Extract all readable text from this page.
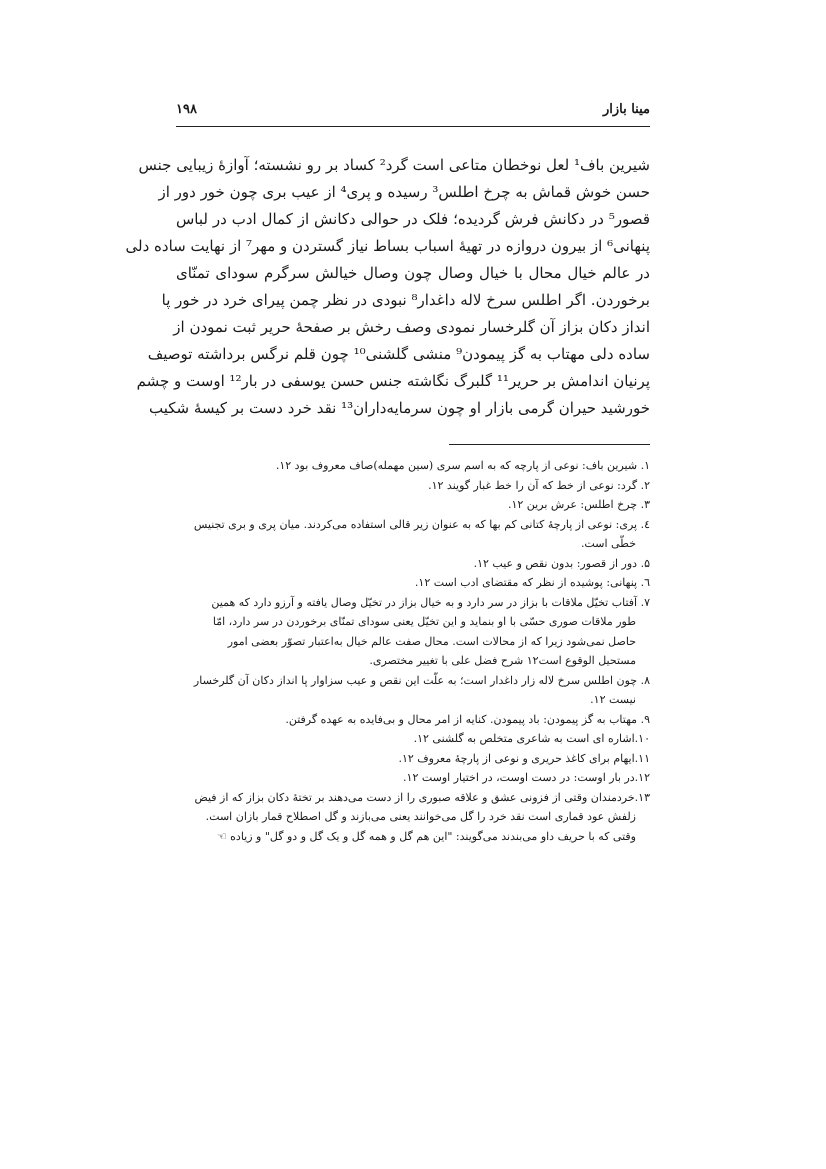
مینا بازار
۱۹۸
شیرین باف¹ لعل نوخطان متاعی است گرد² کساد بر رو نشسته؛ آوازهٔ زیبایی جنس
حسن خوش قماش به چرخ اطلس³ رسیده و پری⁴ از عیب بری چون خور دور از
قصور⁵ در دکانش فرش گردیده؛ فلک در حوالی دکانش از کمال ادب در لباس
پنهانی⁶ از بیرون دروازه در تهیهٔ اسباب بساط نیاز گستردن و مهر⁷ از نهایت ساده دلی
در عالم خیال محال با خیال وصال چون وصال خیالش سرگرم سودای تمنّای
برخوردن. اگر اطلس سرخ لاله داغدار⁸ نبودی در نظر چمن پیرای خرد در خور پا
انداز دکان بزاز آن گلرخسار نمودی وصف رخش بر صفحهٔ حریر ثبت نمودن از
ساده دلی مهتاب به گز پیمودن⁹ منشی گلشنی¹⁰ چون قلم نرگس برداشته توصیف
پرنیان اندامش بر حریر¹¹ گلبرگ نگاشته جنس حسن یوسفی در بار¹² اوست و چشم
خورشید حیران گرمی بازار او چون سرمایه‌داران¹³ نقد خرد دست بر کیسهٔ شکیب
۱. شیرین باف: نوعی از پارچه که به اسم سری (سین مهمله)صاف معروف بود ۱۲.
۲. گرد: نوعی از خط که آن را خط غبار گویند ۱۲.
۳. چرخ اطلس: عرش برین ۱۲.
٤. پری: نوعی از پارچهٔ کتانی کم بها که به عنوان زیر قالی استفاده می‌کردند. میان پری و بری تجنیس
خطّی است.
۵. دور از قصور: بدون نقص و عیب ۱۲.
٦. پنهانی: پوشیده از نظر که مقتضای ادب است ۱۲.
۷. آفتاب تخیّل ملاقات با بزاز در سر دارد و به خیال بزاز در تخیّل وصال یافته و آرزو دارد که همین
طور ملاقات صوری حسّی با او بنماید و این تخیّل یعنی سودای تمنّای برخوردن در سر دارد، امّا
حاصل نمی‌شود زیرا که از محالات است. محال صفت عالم خیال به‌اعتبار تصوّر بعضی امور
مستحیل الوقوع است۱۲ شرح فضل علی با تغییر مختصری.
۸. چون اطلس سرخ لاله زار داغدار است؛ به علّت این نقص و عیب سزاوار پا انداز دکان آن گلرخسار
نیست ۱۲.
۹. مهتاب به گز پیمودن: باد پیمودن. کنایه از امر محال و بی‌فایده به عهده گرفتن.
۱۰.اشاره ای است به شاعری متخلص به گلشنی ۱۲.
۱۱.ایهام برای کاغذ حریری و نوعی از پارچهٔ معروف ۱۲.
۱۲.در بار اوست: در دست اوست، در اختیار اوست ۱۲.
۱۳.خردمندان وقتی از فزونی عشق و علاقه صبوری را از دست می‌دهند بر تختهٔ دکان بزاز که از فیض
زلفش عود قماری است نقد خرد را گل می‌خوانند یعنی می‌بازند و گل اصطلاح قمار بازان است.
وقتی که با حریف داو می‌بندند می‌گویند: "این هم گل و همه گل و یک گل و دو گل" و زیاده ☜
